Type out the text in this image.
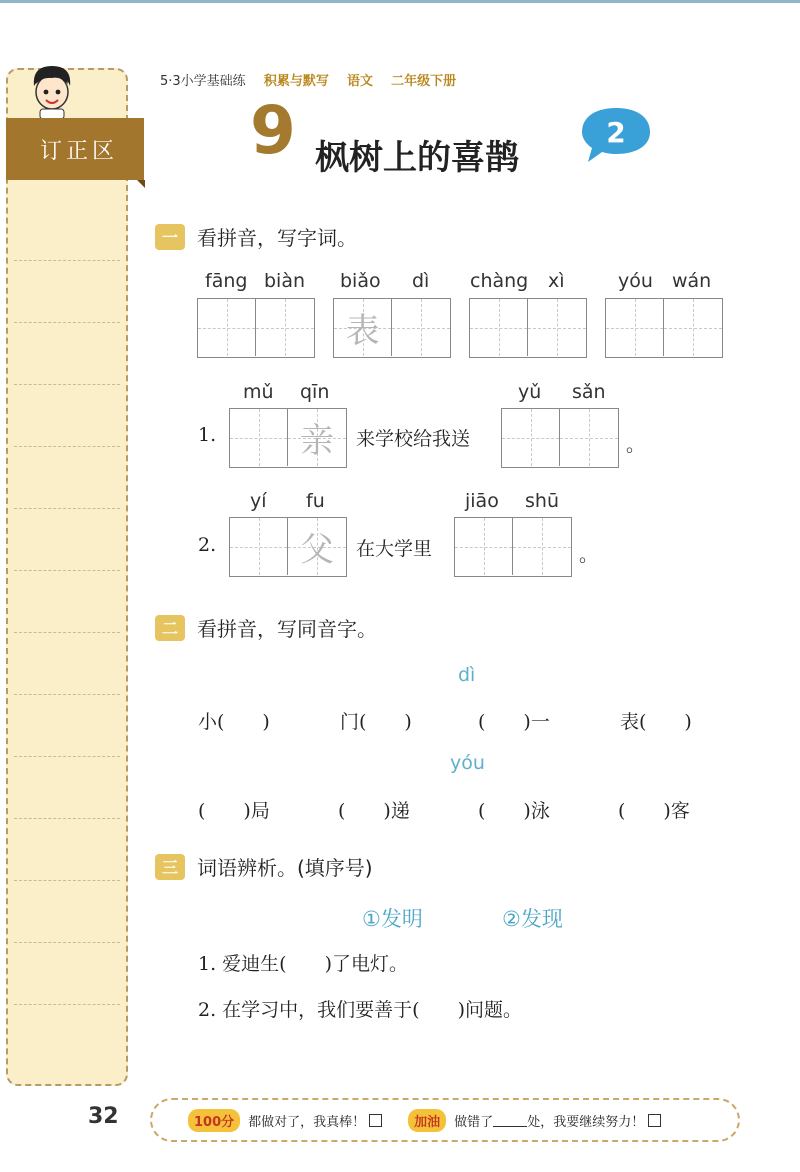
订正区
5·3小学基础练 积累与默写 语文 二年级下册
9 枫树上的喜鹊
2
一 看拼音，写字词。
fāng biàn biǎo dì chàng xì	yóu wán
表
mǔ qīn	yǔ sǎn
1. 亲 来学校给我送	。
yí fu	jiāo shū
2. 父 在大学里	。
二 看拼音，写同音字。
dì
小(　　)	门(　　)	(　　)一	表(　　)
yóu
(　　)局	(　　)递	(　　)泳	(　　)客
三 词语辨析。(填序号)
①发明	②发现
1. 爱迪生(　　)了电灯。
2. 在学习中，我们要善于(　　)问题。
32	100分	都做对了，我真棒！	加油	做错了	处，我要继续努力！
